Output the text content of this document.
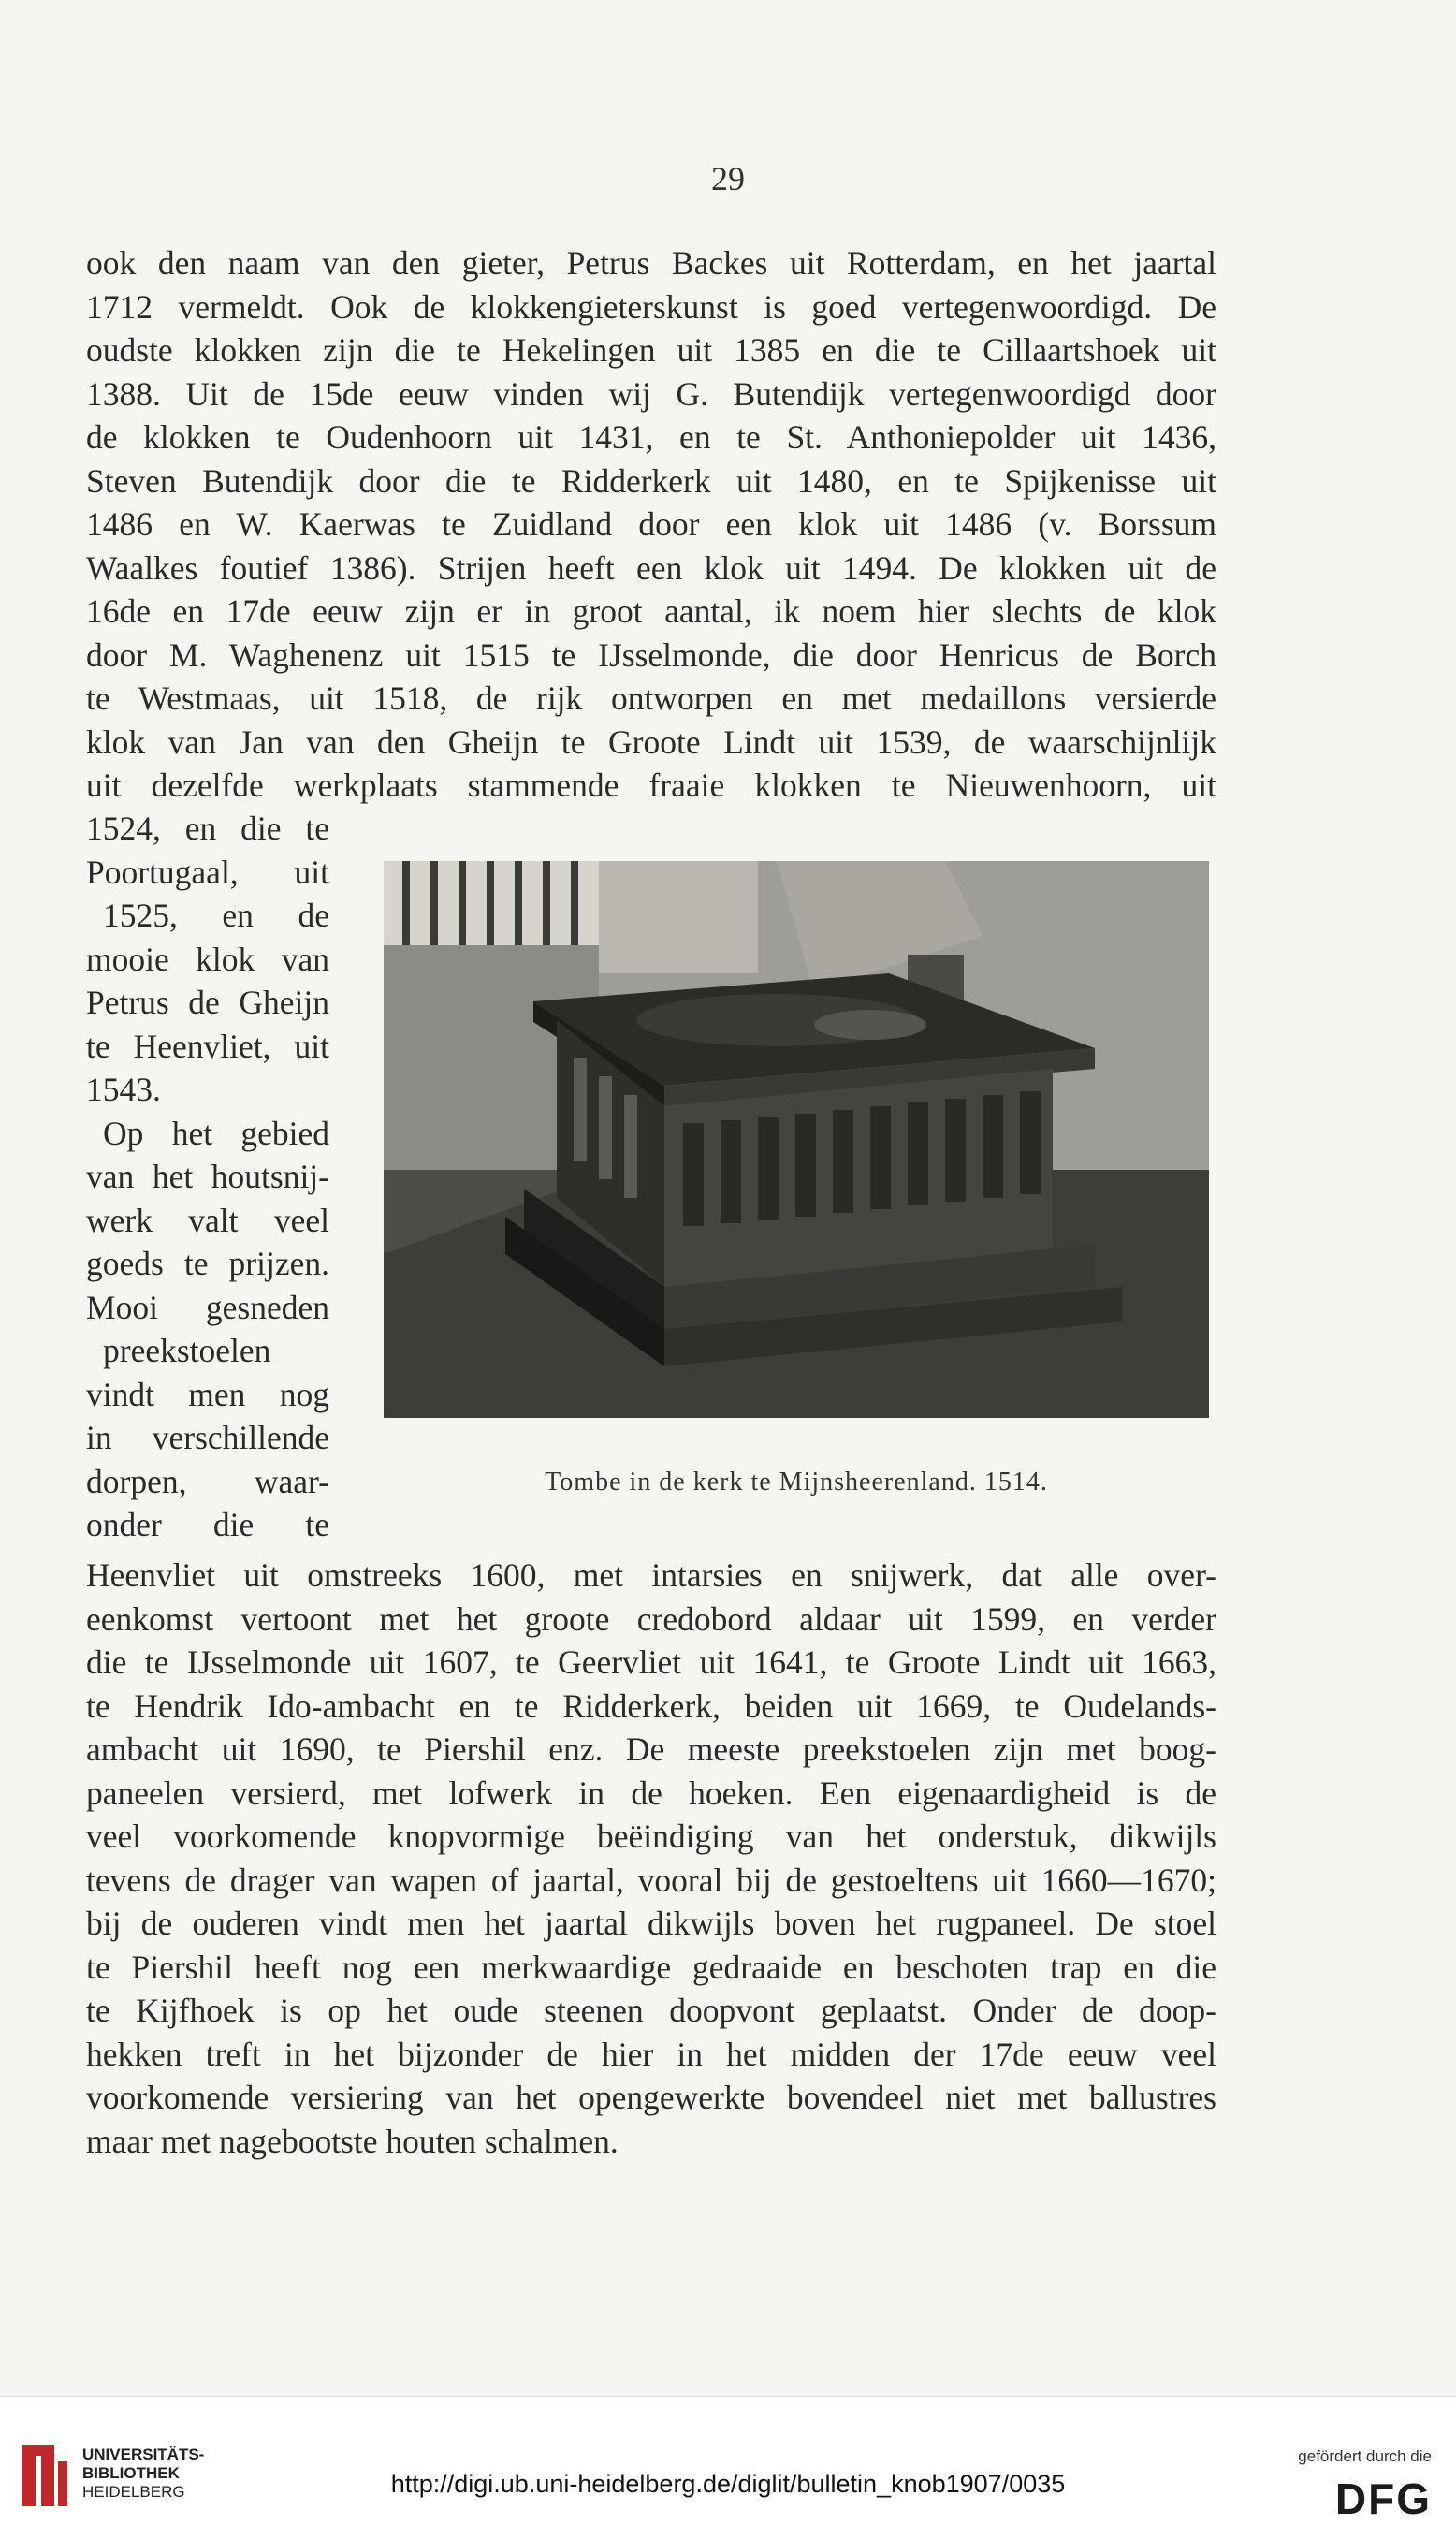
29

ook den naam van den gieter, Petrus Backes uit Rotterdam, en het jaartal
1712 vermeldt. Ook de klokkengieterskunst is goed vertegenwoordigd. De
oudste klokken zijn die te Hekelingen uit 1385 en die te Cillaartshoek uit
1388. Uit de 15de eeuw vinden wij G. Butendijk vertegenwoordigd door
de klokken te Oudenhoorn uit 1431, en te St. Anthoniepolder uit 1436,
Steven Butendijk door die te Ridderkerk uit 1480, en te Spijkenisse uit
1486 en W. Kaerwas te Zuidland door een klok uit 1486 (v. Borssum
Waalkes foutief 1386). Strijen heeft een klok uit 1494. De klokken uit de
16de en 17de eeuw zijn er in groot aantal, ik noem hier slechts de klok
door M. Waghenenz uit 1515 te IJsselmonde, die door Henricus de Borch
te Westmaas, uit 1518, de rijk ontworpen en met medaillons versierde
klok van Jan van den Gheijn te Groote Lindt uit 1539, de waarschijnlijk
uit dezelfde werkplaats stammende fraaie klokken te Nieuwenhoorn, uit
1524, en die te
Poortugaal, uit
1525, en de
mooie klok van
Petrus de Gheijn
te Heenvliet, uit
1543.
Op het gebied
van het houtsnij-
werk valt veel
goeds te prijzen.
Mooi gesneden
preekstoelen
vindt men nog
in verschillende
dorpen, waar-
onder die te

Tombe in de kerk te Mijnsheerenland. 1514.

Heenvliet uit omstreeks 1600, met intarsies en snijwerk, dat alle over-
eenkomst vertoont met het groote credobord aldaar uit 1599, en verder
die te IJsselmonde uit 1607, te Geervliet uit 1641, te Groote Lindt uit 1663,
te Hendrik Ido-ambacht en te Ridderkerk, beiden uit 1669, te Oudelands-
ambacht uit 1690, te Piershil enz. De meeste preekstoelen zijn met boog-
paneelen versierd, met lofwerk in de hoeken. Een eigenaardigheid is de
veel voorkomende knopvormige beëindiging van het onderstuk, dikwijls
tevens de drager van wapen of jaartal, vooral bij de gestoeltens uit 1660—1670;
bij de ouderen vindt men het jaartal dikwijls boven het rugpaneel. De stoel
te Piershil heeft nog een merkwaardige gedraaide en beschoten trap en die
te Kijfhoek is op het oude steenen doopvont geplaatst. Onder de doop-
hekken treft in het bijzonder de hier in het midden der 17de eeuw veel
voorkomende versiering van het opengewerkte bovendeel niet met ballustres
maar met nagebootste houten schalmen.
UNIVERSITÄTS-
BIBLIOTHEK
HEIDELBERG	http://digi.ub.uni-heidelberg.de/diglit/bulletin_knob1907/0035
gefördert durch die
DFG
